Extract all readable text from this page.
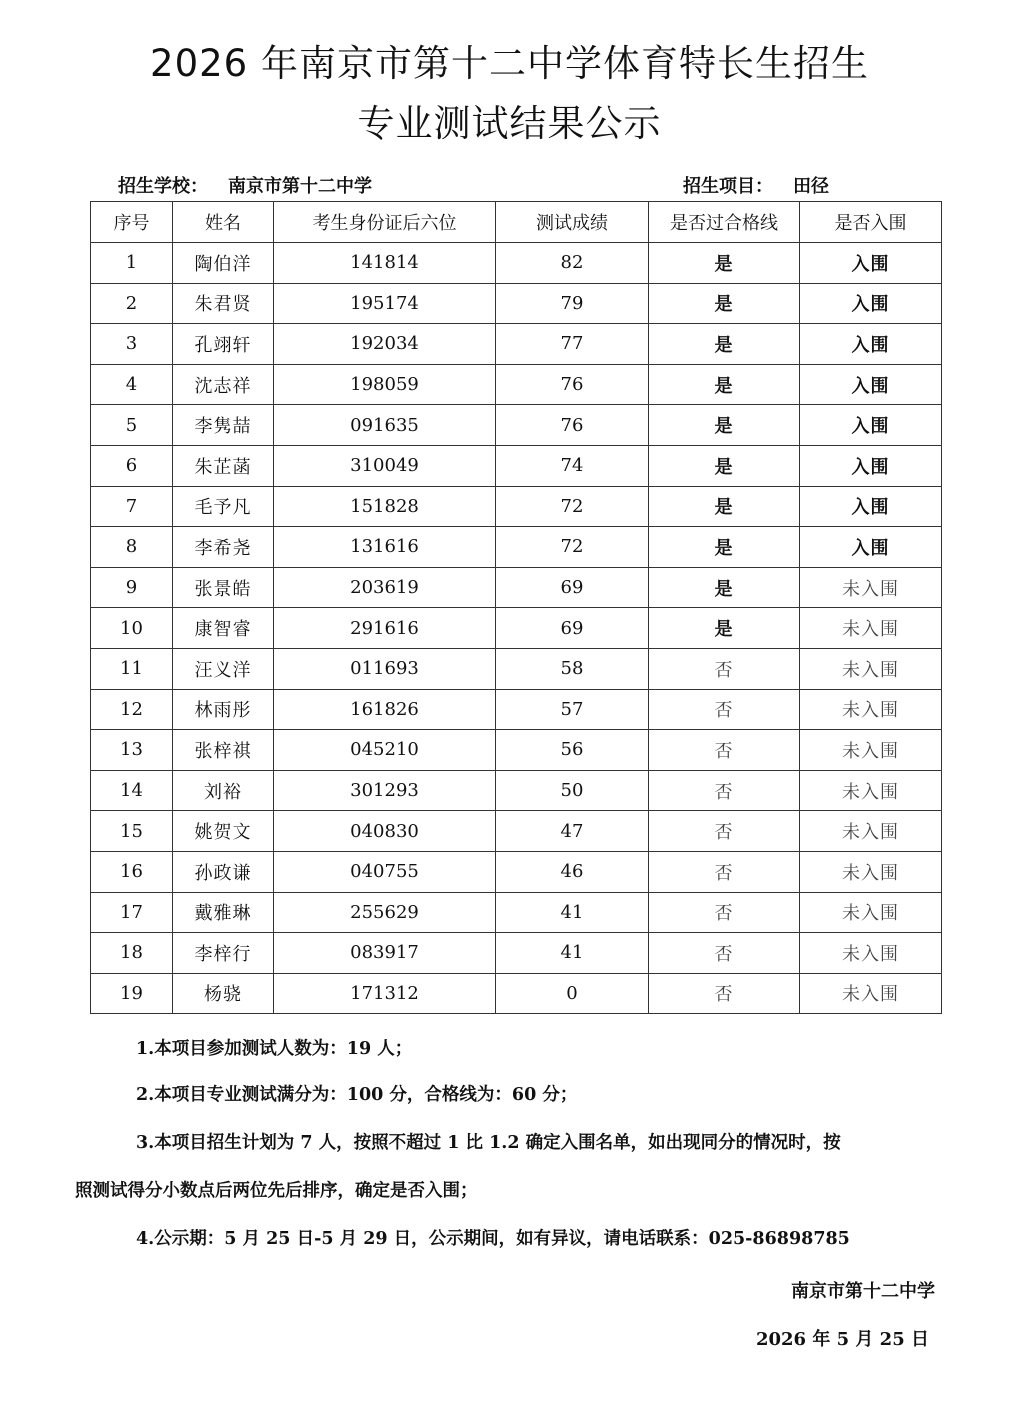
2026 年南京市第十二中学体育特长生招生
专业测试结果公示
招生学校： 南京市第十二中学	招生项目： 田径
序号	姓名	考生身份证后六位	测试成绩	是否过合格线	是否入围
1	陶伯洋	141814	82	是	入围
2	朱君贤	195174	79	是	入围
3	孔翊轩	192034	77	是	入围
4	沈志祥	198059	76	是	入围
5	李隽喆	091635	76	是	入围
6	朱芷菡	310049	74	是	入围
7	毛予凡	151828	72	是	入围
8	李希尧	131616	72	是	入围
9	张景皓	203619	69	是	未入围
10	康智睿	291616	69	是	未入围
11	汪义洋	011693	58	否	未入围
12	林雨彤	161826	57	否	未入围
13	张梓祺	045210	56	否	未入围
14	刘裕	301293	50	否	未入围
15	姚贺文	040830	47	否	未入围
16	孙政谦	040755	46	否	未入围
17	戴雅琳	255629	41	否	未入围
18	李梓行	083917	41	否	未入围
19	杨骁	171312	0	否	未入围
1.本项目参加测试人数为：19 人；
2.本项目专业测试满分为：100 分，合格线为：60 分；
3.本项目招生计划为 7 人，按照不超过 1 比 1.2 确定入围名单，如出现同分的情况时，按
照测试得分小数点后两位先后排序，确定是否入围；
4.公示期：5 月 25 日-5 月 29 日，公示期间，如有异议，请电话联系：025-86898785
南京市第十二中学
2026 年 5 月 25 日
